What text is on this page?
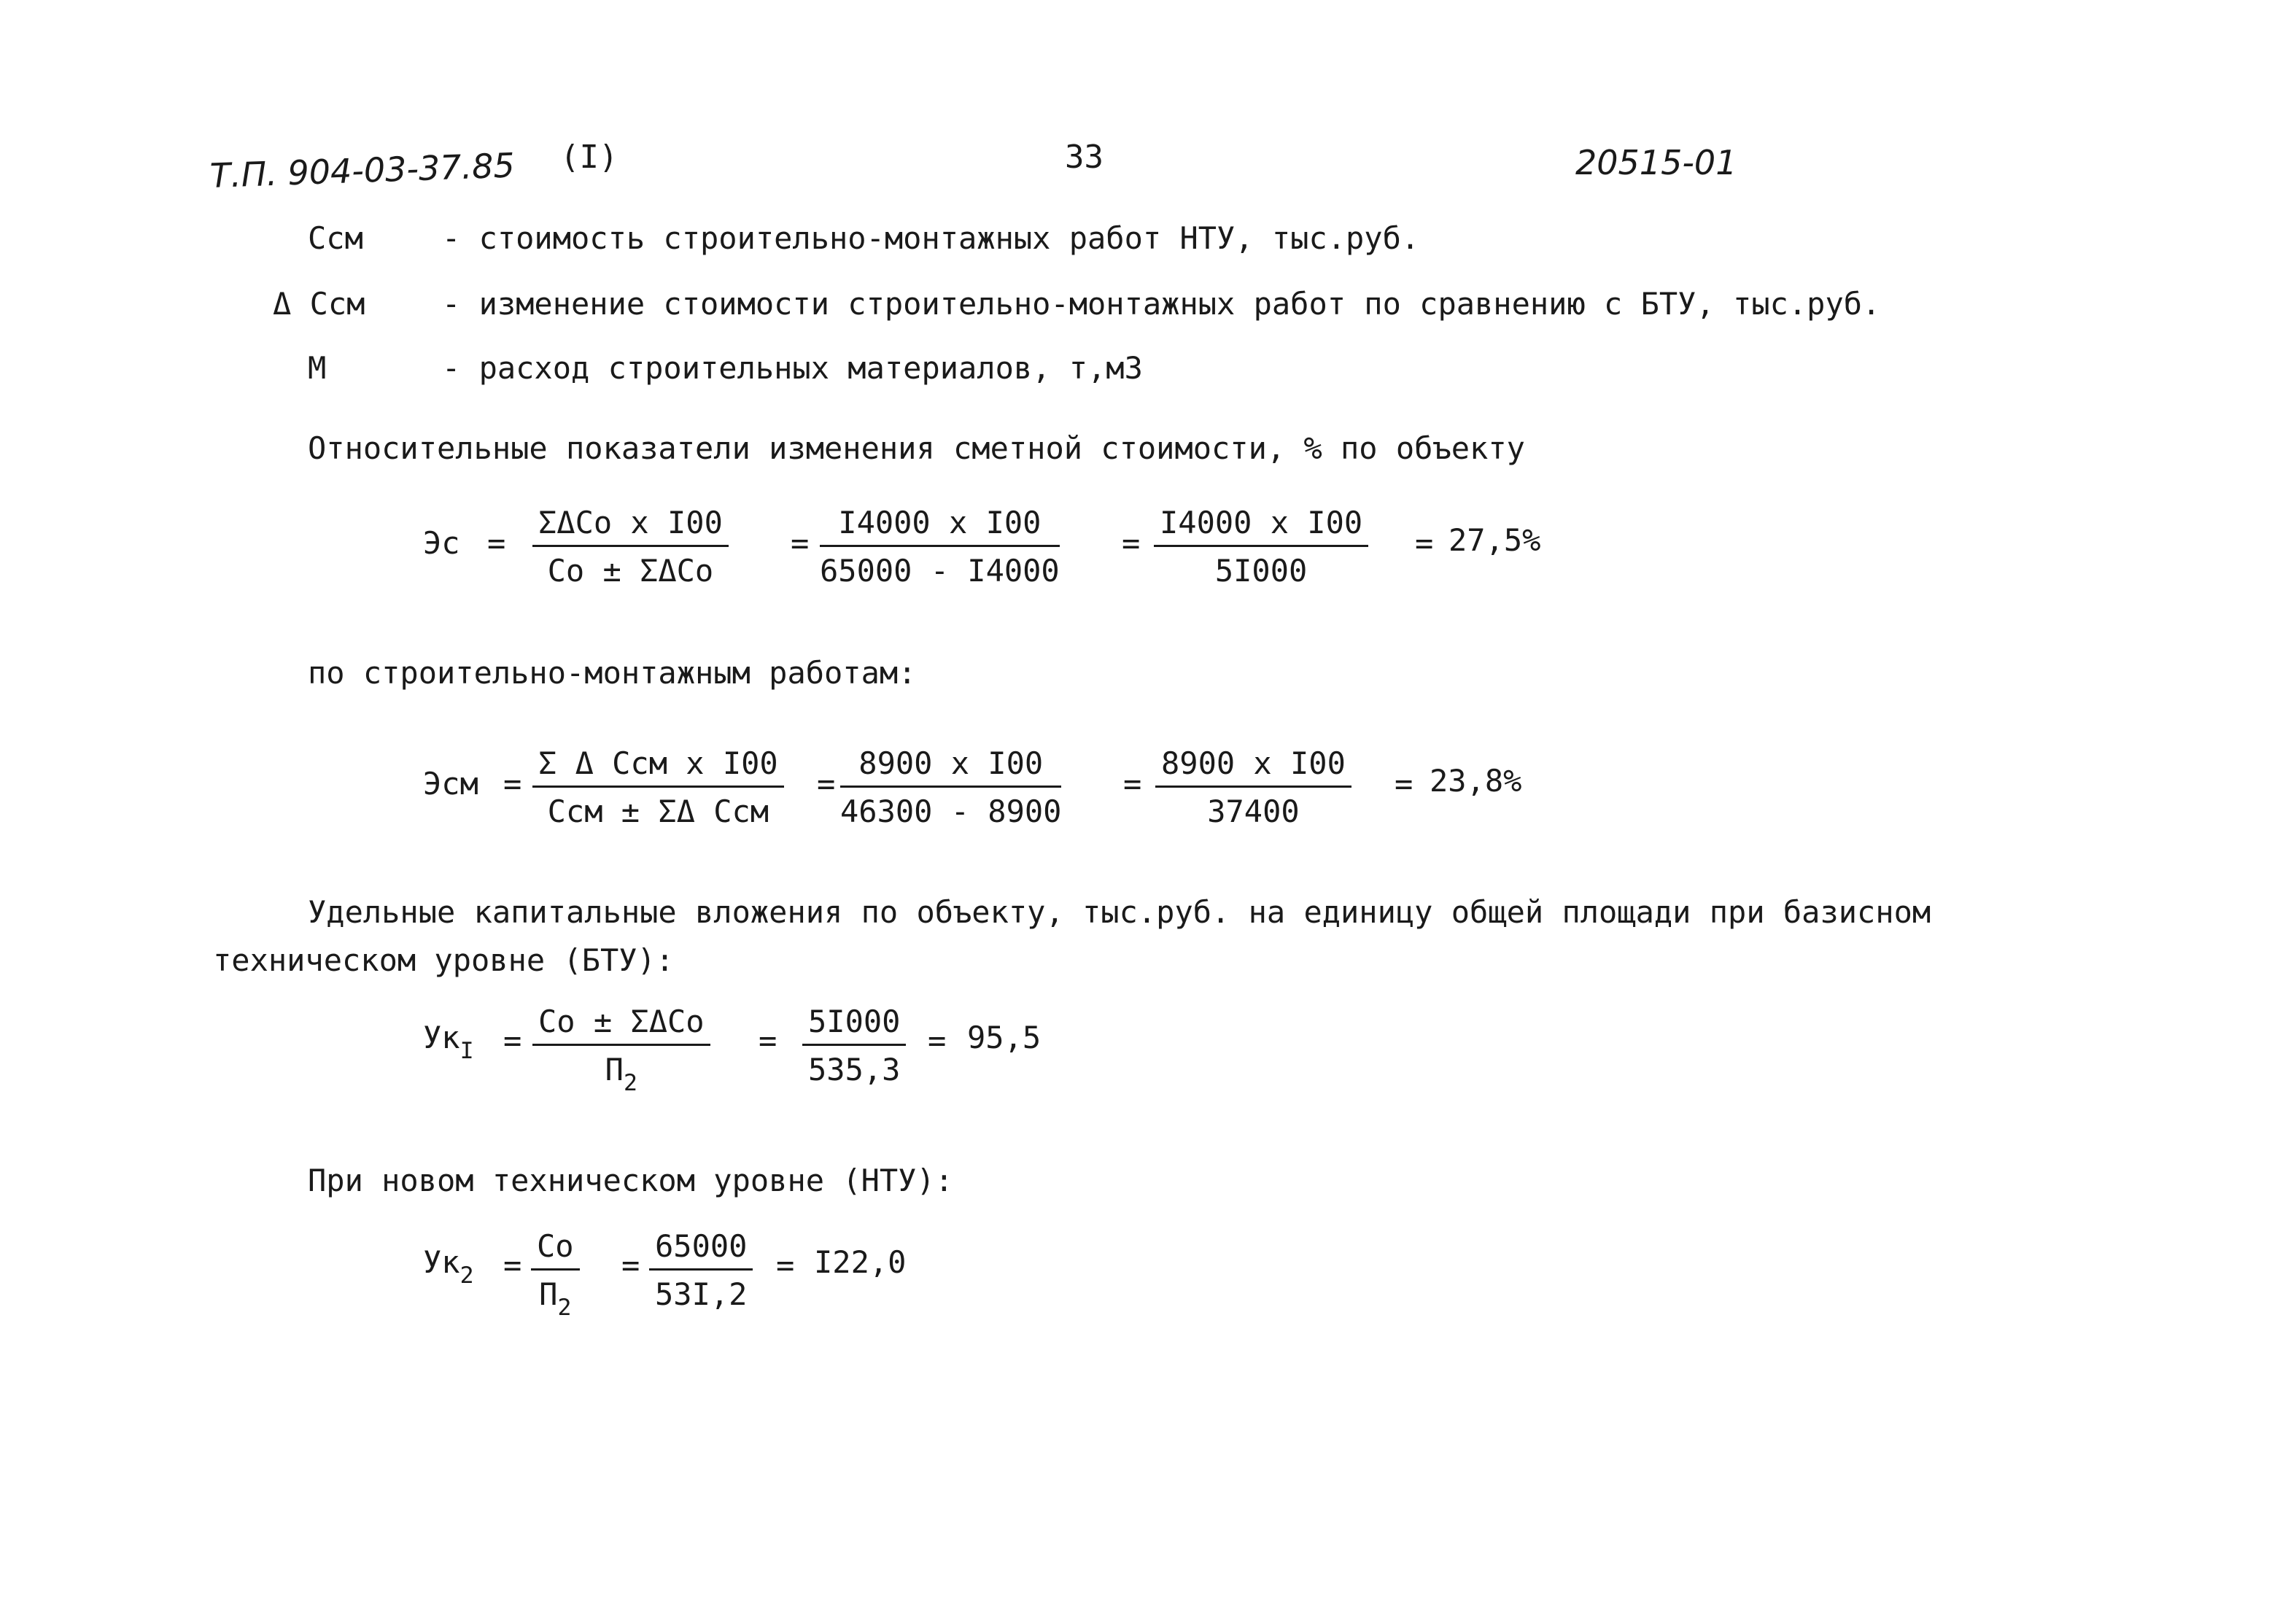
Т.П. 904-03-37.85 (I)	33	20515-01
Ссм	- стоимость строительно-монтажных работ НТУ, тыс.руб.
Δ Ссм	- изменение стоимости строительно-монтажных работ по сравнению с БТУ, тыс.руб.
М	- расход строительных материалов, т,м3
Относительные показатели изменения сметной стоимости, % по объекту
Эс =
ΣΔСо х I00
Со ± ΣΔСо
=
I4000 х I00
65000 - I4000
=
I4000 х I00
5I000
= 27,5%
по строительно-монтажным работам:
Эсм =
Σ Δ Ссм х I00
Ссм ± ΣΔ Ссм
=
8900 х I00
46300 - 8900
=
8900 х I00
37400
= 23,8%
Удельные капитальные вложения по объекту, тыс.руб. на единицу общей площади при базисном
техническом уровне (БТУ):
$Ук_I$ =
Со ± ΣΔСо
$П_2$
= $\frac{5I000}{535,3} = 95,5$
При новом техническом уровне (НТУ):
$Ук_2$ =
Со
$П_2$
= $\frac{65000}{53I,2} = I22,0$
